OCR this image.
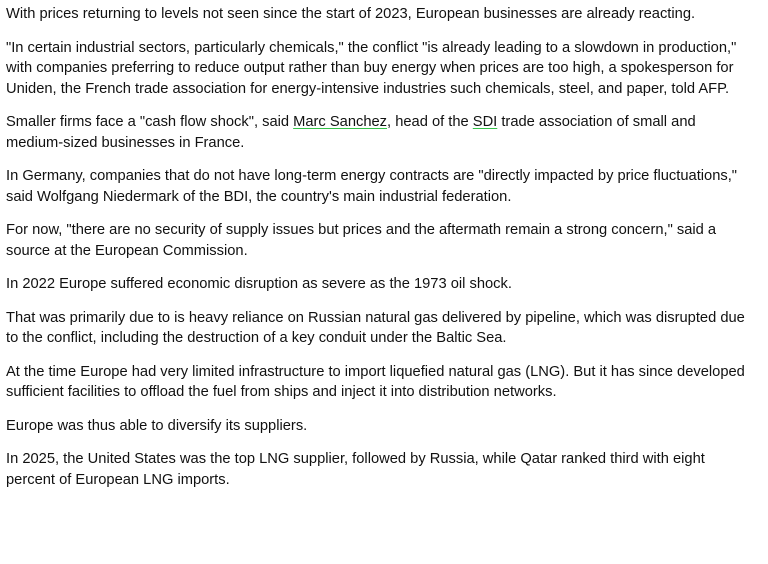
With prices returning to levels not seen since the start of 2023, European businesses are already reacting.

"In certain industrial sectors, particularly chemicals," the conflict "is already leading to a slowdown in production," with companies preferring to reduce output rather than buy energy when prices are too high, a spokesperson for Uniden, the French trade association for energy-intensive industries such chemicals, steel, and paper, told AFP.

Smaller firms face a "cash flow shock", said Marc Sanchez, head of the SDI trade association of small and medium-sized businesses in France.

In Germany, companies that do not have long-term energy contracts are "directly impacted by price fluctuations," said Wolfgang Niedermark of the BDI, the country's main industrial federation.

For now, "there are no security of supply issues but prices and the aftermath remain a strong concern," said a source at the European Commission.

In 2022 Europe suffered economic disruption as severe as the 1973 oil shock.

That was primarily due to is heavy reliance on Russian natural gas delivered by pipeline, which was disrupted due to the conflict, including the destruction of a key conduit under the Baltic Sea.

At the time Europe had very limited infrastructure to import liquefied natural gas (LNG). But it has since developed sufficient facilities to offload the fuel from ships and inject it into distribution networks.

Europe was thus able to diversify its suppliers.

In 2025, the United States was the top LNG supplier, followed by Russia, while Qatar ranked third with eight percent of European LNG imports.
